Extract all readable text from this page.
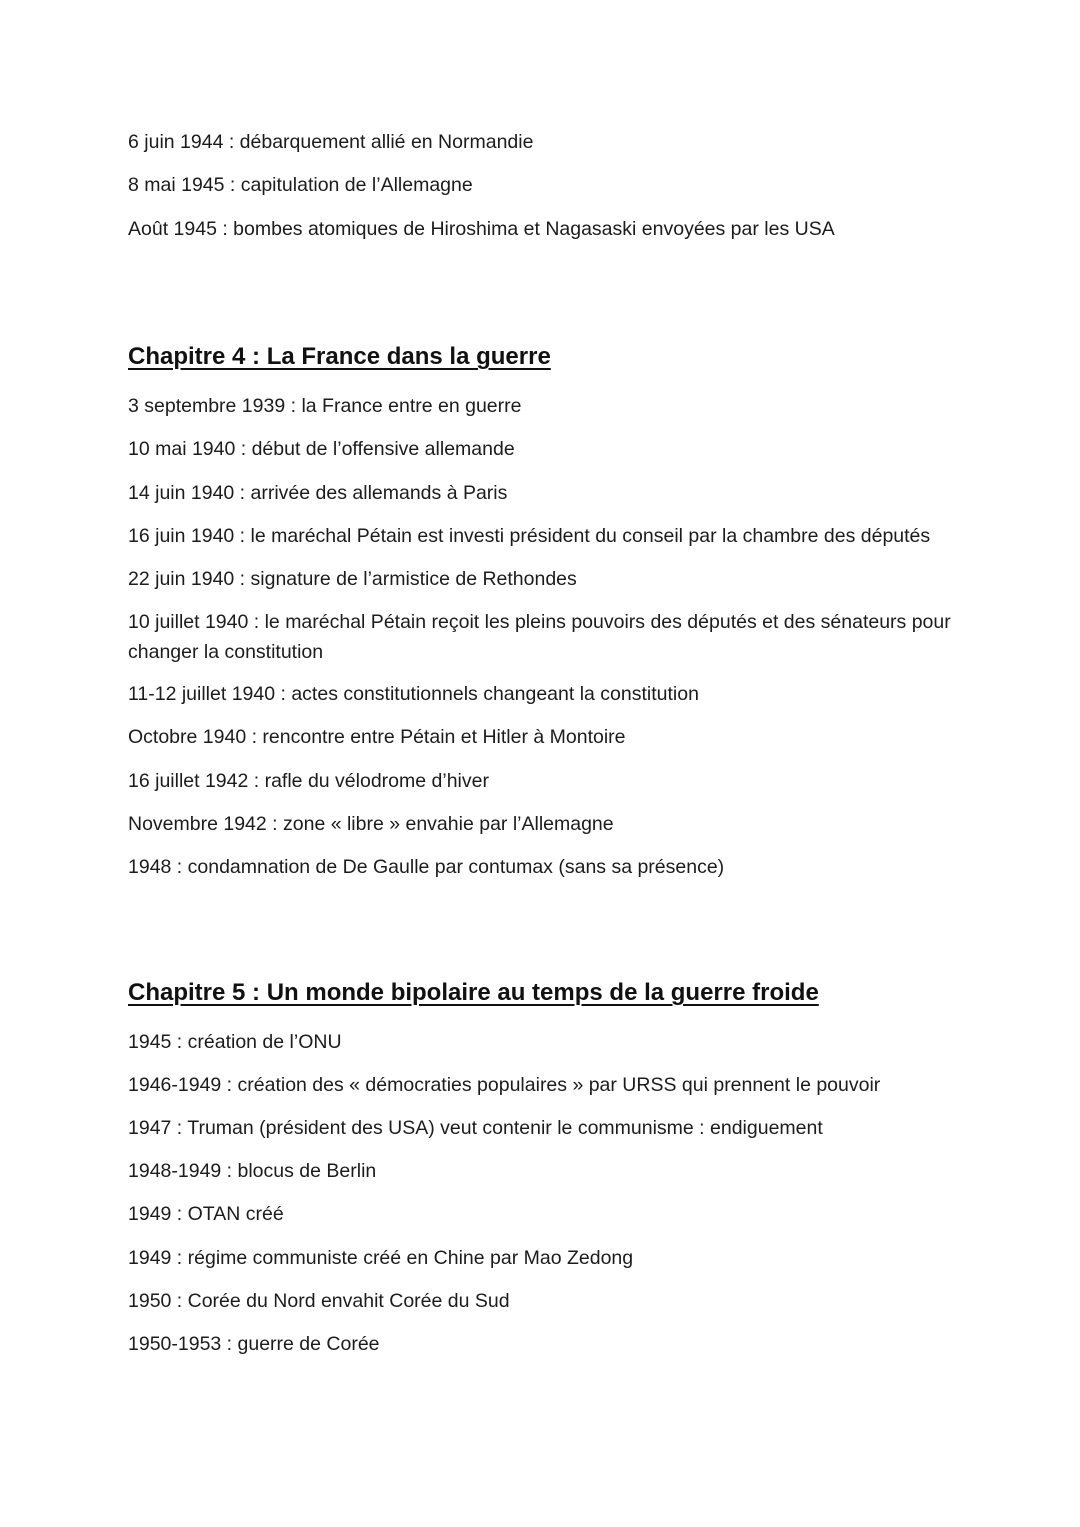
6 juin 1944 : débarquement allié en Normandie
8 mai 1945 : capitulation de l’Allemagne
Août 1945 : bombes atomiques de Hiroshima et Nagasaski envoyées par les USA
Chapitre 4 : La France dans la guerre
3 septembre 1939 : la France entre en guerre
10 mai 1940 : début de l’offensive allemande
14 juin 1940 : arrivée des allemands à Paris
16 juin 1940 : le maréchal Pétain est investi président du conseil par la chambre des députés
22 juin 1940 : signature de l’armistice de Rethondes
10 juillet 1940 : le maréchal Pétain reçoit les pleins pouvoirs des députés et des sénateurs pour changer la constitution
11-12 juillet 1940 : actes constitutionnels changeant la constitution
Octobre 1940 : rencontre entre Pétain et Hitler à Montoire
16 juillet 1942 : rafle du vélodrome d’hiver
Novembre 1942 : zone « libre » envahie par l’Allemagne
1948 : condamnation de De Gaulle par contumax (sans sa présence)
Chapitre 5 : Un monde bipolaire au temps de la guerre froide
1945 : création de l’ONU
1946-1949 : création des « démocraties populaires » par URSS qui prennent le pouvoir
1947 : Truman (président des USA) veut contenir le communisme : endiguement
1948-1949 : blocus de Berlin
1949 : OTAN créé
1949 : régime communiste créé en Chine par Mao Zedong
1950 : Corée du Nord envahit Corée du Sud
1950-1953 : guerre de Corée
